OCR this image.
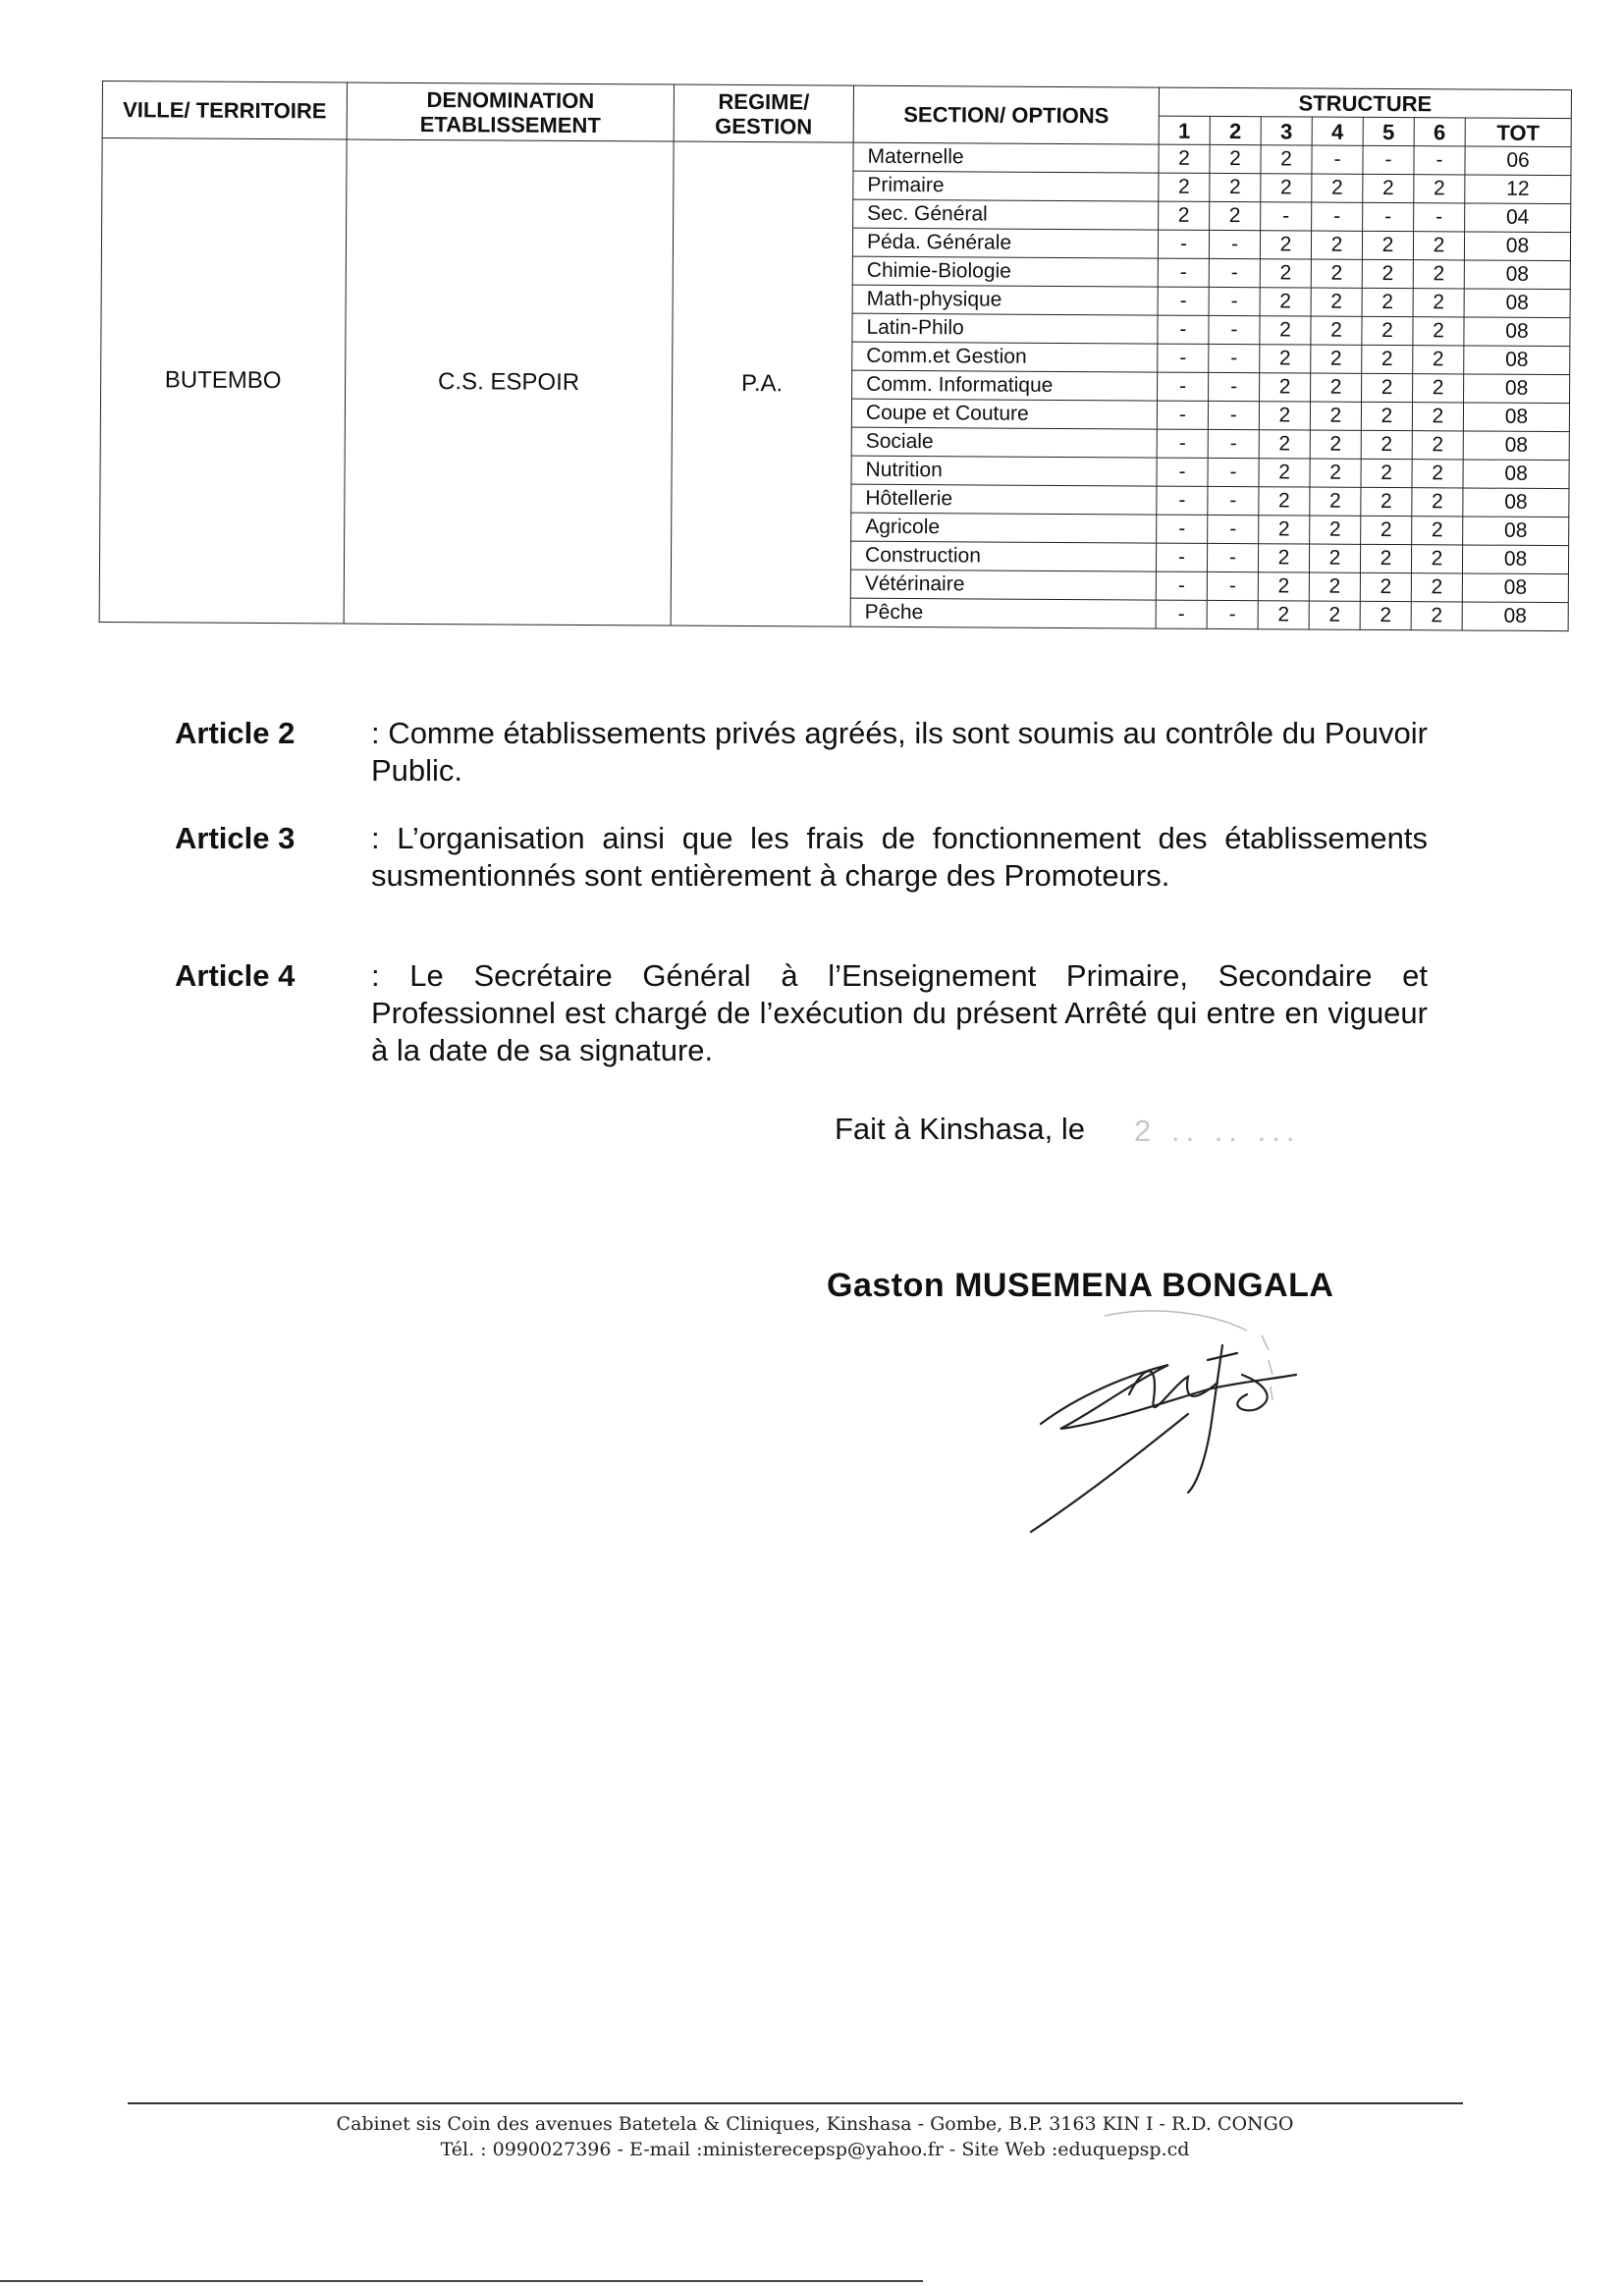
VILLE/ TERRITOIRE	DENOMINATION ETABLISSEMENT	REGIME/ GESTION	SECTION/ OPTIONS	STRUCTURE						
				1	2	3	4	5	6	TOT
BUTEMBO	C.S. ESPOIR	P.A.	Maternelle	2	2	2	-	-	-	06
			Primaire	2	2	2	2	2	2	12
			Sec. Général	2	2	-	-	-	-	04
			Péda. Générale	-	-	2	2	2	2	08
			Chimie-Biologie	-	-	2	2	2	2	08
			Math-physique	-	-	2	2	2	2	08
			Latin-Philo	-	-	2	2	2	2	08
			Comm.et Gestion	-	-	2	2	2	2	08
			Comm. Informatique	-	-	2	2	2	2	08
			Coupe et Couture	-	-	2	2	2	2	08
			Sociale	-	-	2	2	2	2	08
			Nutrition	-	-	2	2	2	2	08
			Hôtellerie	-	-	2	2	2	2	08
			Agricole	-	-	2	2	2	2	08
			Construction	-	-	2	2	2	2	08
			Vétérinaire	-	-	2	2	2	2	08
			Pêche	-	-	2	2	2	2	08
Article 2	: Comme établissements privés agréés, ils sont soumis au contrôle du Pouvoir Public.
Article 3	: L’organisation ainsi que les frais de fonctionnement des établissements susmentionnés sont entièrement à charge des Promoteurs.
Article 4	: Le Secrétaire Général à l’Enseignement Primaire, Secondaire et Professionnel est chargé de l’exécution du présent Arrêté qui entre en vigueur à la date de sa signature.
Fait à Kinshasa, le 2 .. .. ...
Gaston MUSEMENA BONGALA
Cabinet sis Coin des avenues Batetela & Cliniques, Kinshasa - Gombe, B.P. 3163 KIN I - R.D. CONGO
Tél. : 0990027396 - E-mail :ministerecepsp@yahoo.fr - Site Web :eduquepsp.cd
